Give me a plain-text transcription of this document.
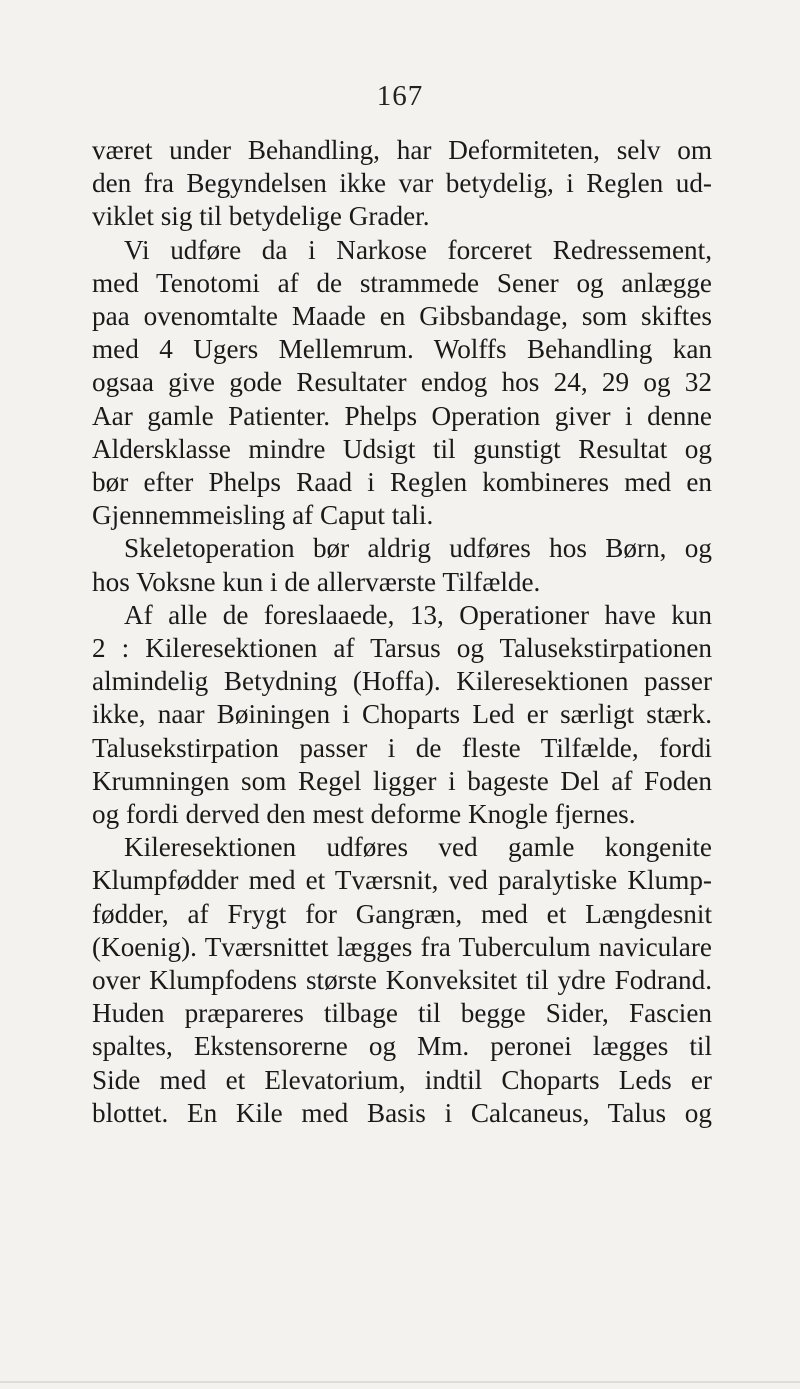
167

været under Behandling, har Deformiteten, selv om
den fra Begyndelsen ikke var betydelig, i Reglen ud-
viklet sig til betydelige Grader.

Vi udføre da i Narkose forceret Redressement,
med Tenotomi af de strammede Sener og anlægge
paa ovenomtalte Maade en Gibsbandage, som skiftes
med 4 Ugers Mellemrum. Wolffs Behandling kan
ogsaa give gode Resultater endog hos 24, 29 og 32
Aar gamle Patienter. Phelps Operation giver i denne
Aldersklasse mindre Udsigt til gunstigt Resultat og
bør efter Phelps Raad i Reglen kombineres med en
Gjennemmeisling af Caput tali.

Skeletoperation bør aldrig udføres hos Børn, og
hos Voksne kun i de allerværste Tilfælde.

Af alle de foreslaaede, 13, Operationer have kun
2 : Kileresektionen af Tarsus og Talusekstirpationen
almindelig Betydning (Hoffa). Kileresektionen passer
ikke, naar Bøiningen i Choparts Led er særligt stærk.
Talusekstirpation passer i de fleste Tilfælde, fordi
Krumningen som Regel ligger i bageste Del af Foden
og fordi derved den mest deforme Knogle fjernes.

Kileresektionen udføres ved gamle kongenite
Klumpfødder med et Tværsnit, ved paralytiske Klump-
fødder, af Frygt for Gangræn, med et Længdesnit
(Koenig). Tværsnittet lægges fra Tuberculum naviculare
over Klumpfodens største Konveksitet til ydre Fodrand.
Huden præpareres tilbage til begge Sider, Fascien
spaltes, Ekstensorerne og Mm. peronei lægges til
Side med et Elevatorium, indtil Choparts Leds er
blottet. En Kile med Basis i Calcaneus, Talus og
